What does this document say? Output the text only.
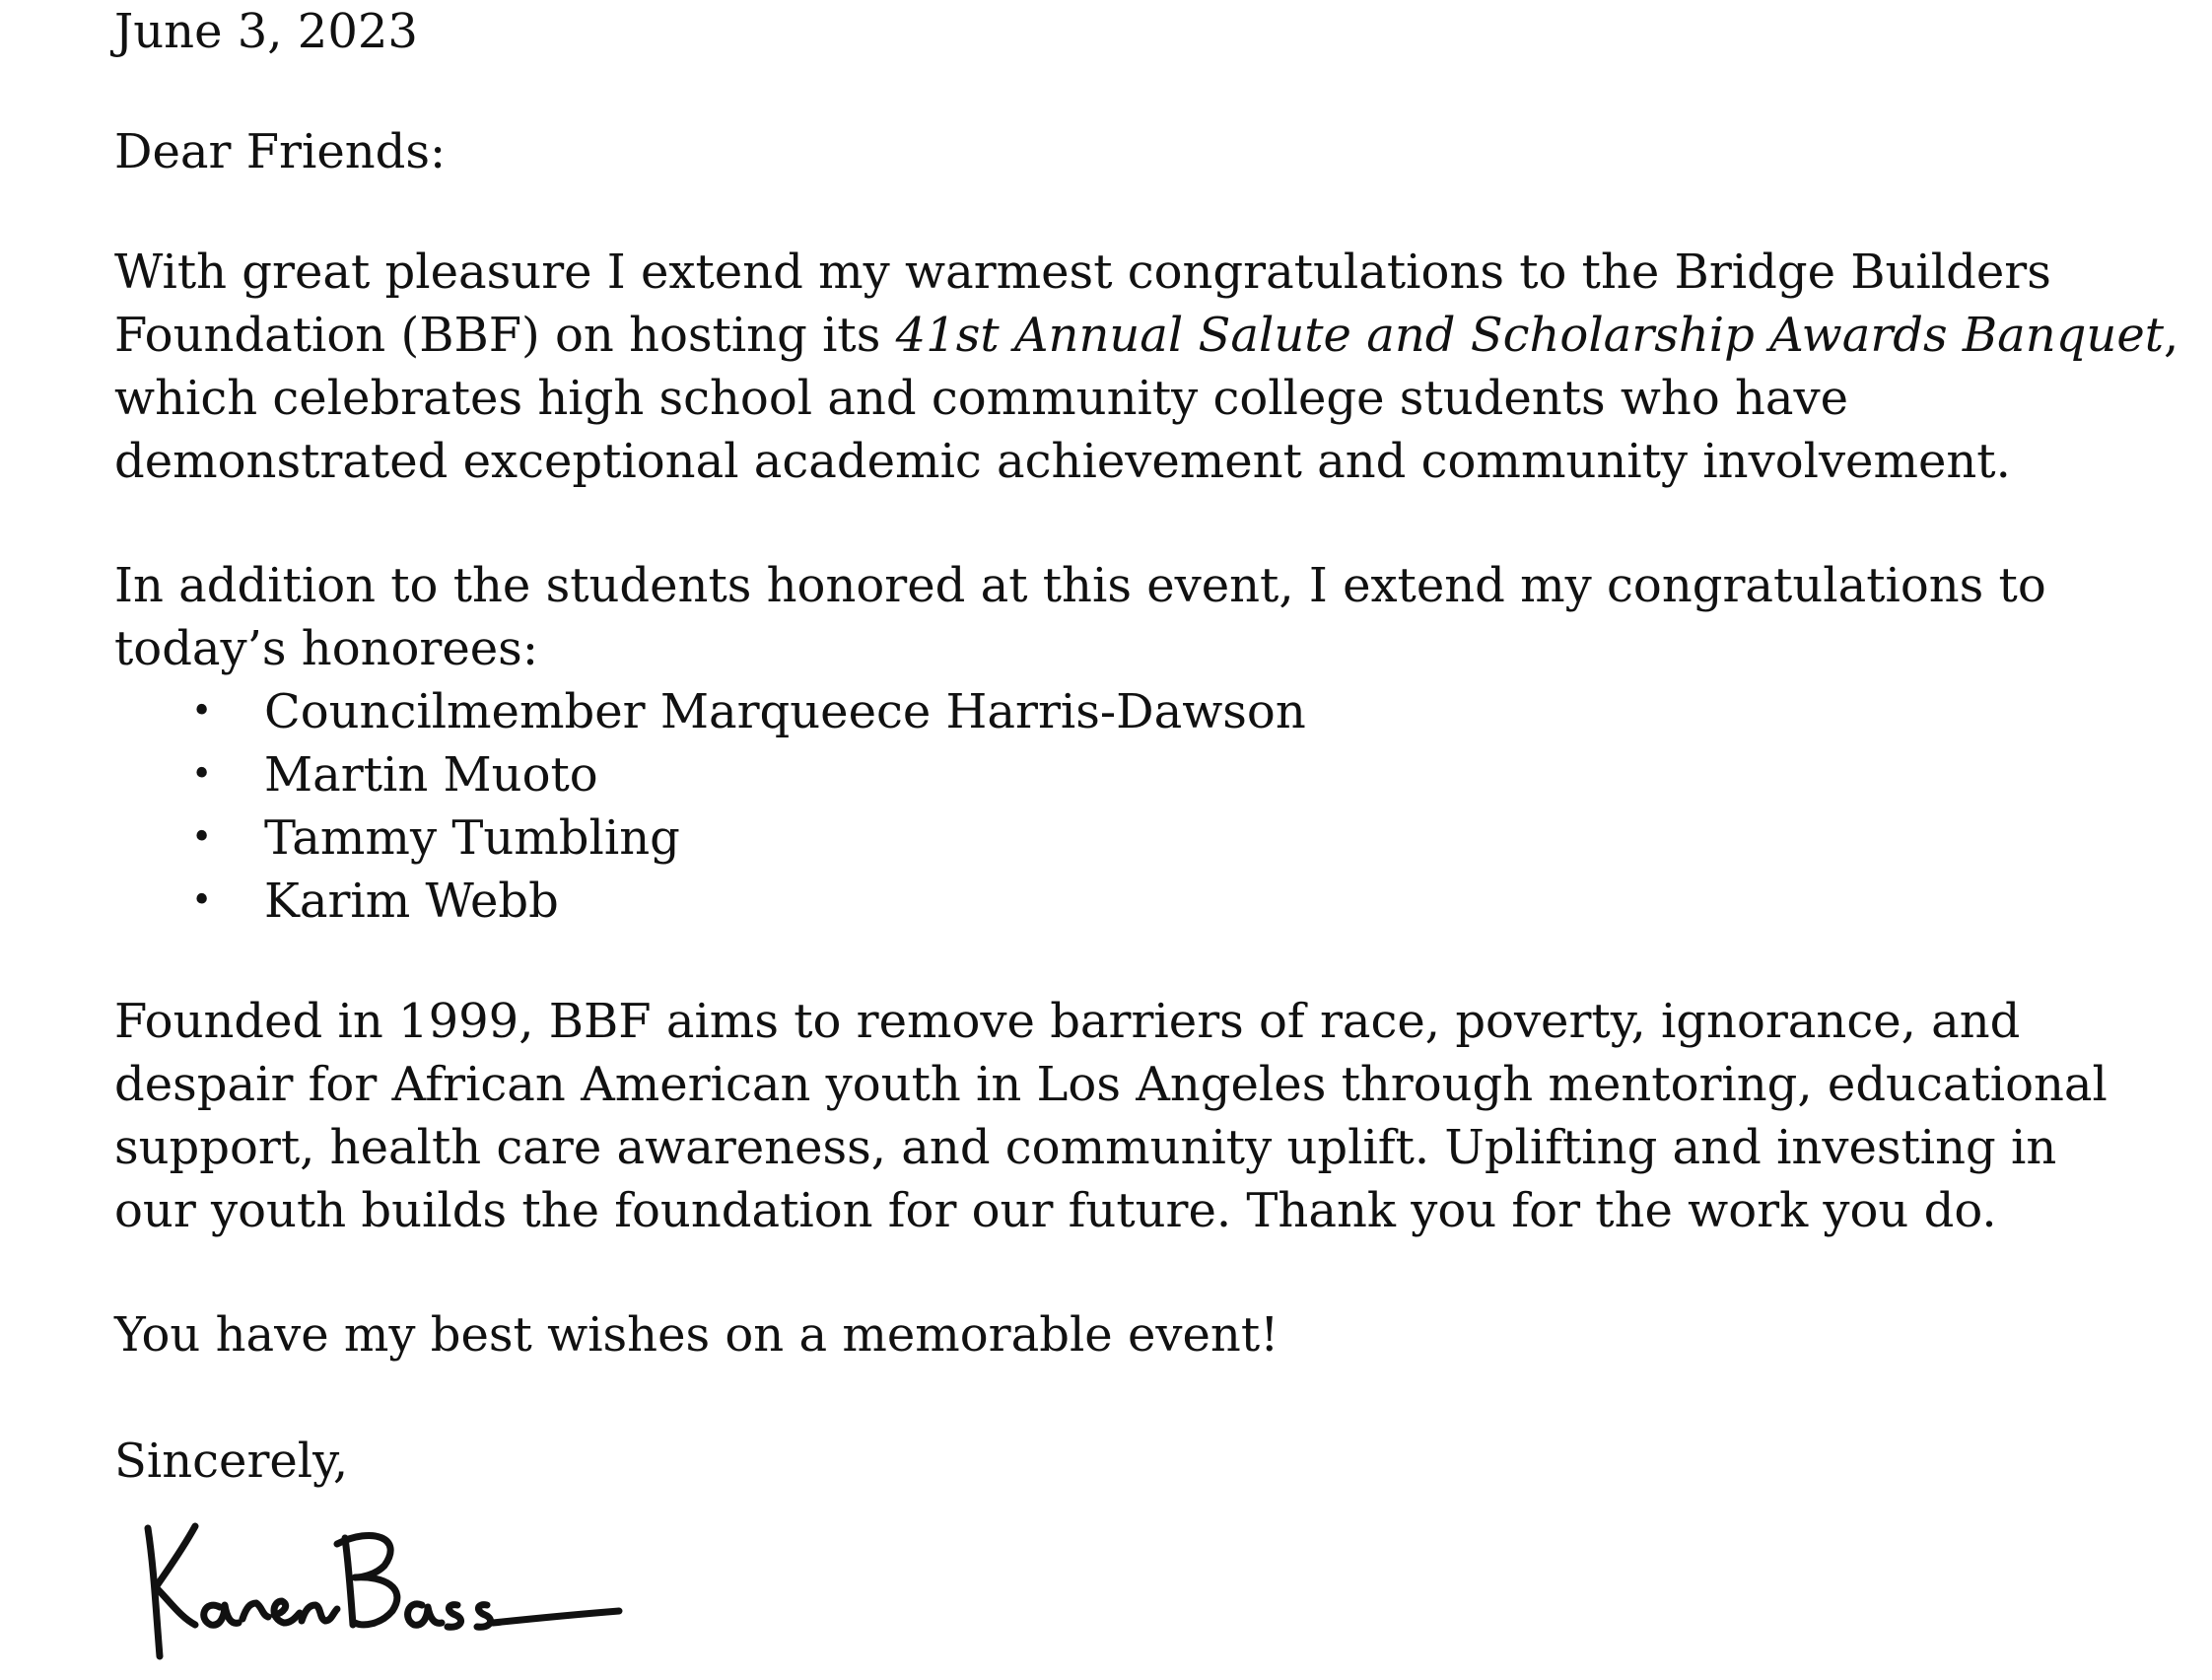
June 3, 2023
Dear Friends:
With great pleasure I extend my warmest congratulations to the Bridge Builders
Foundation (BBF) on hosting its 41st Annual Salute and Scholarship Awards Banquet,
which celebrates high school and community college students who have
demonstrated exceptional academic achievement and community involvement.
In addition to the students honored at this event, I extend my congratulations to
today’s honorees:
• Councilmember Marqueece Harris-Dawson
• Martin Muoto
• Tammy Tumbling
• Karim Webb
Founded in 1999, BBF aims to remove barriers of race, poverty, ignorance, and
despair for African American youth in Los Angeles through mentoring, educational
support, health care awareness, and community uplift. Uplifting and investing in
our youth builds the foundation for our future. Thank you for the work you do.
You have my best wishes on a memorable event!
Sincerely,
